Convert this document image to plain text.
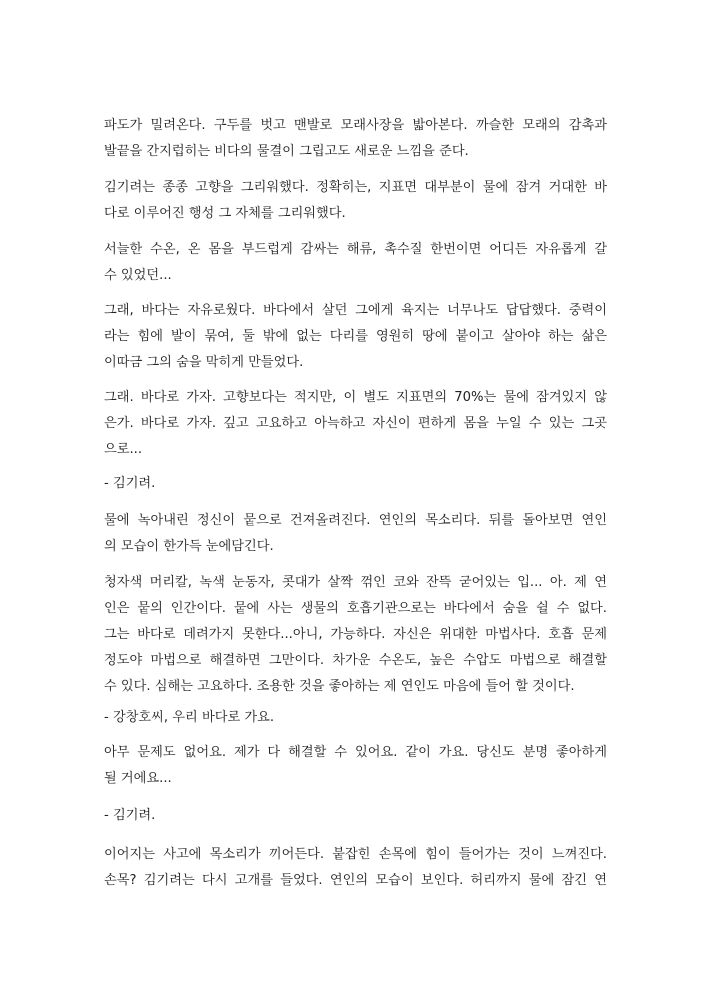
파도가 밀려온다. 구두를 벗고 맨발로 모래사장을 밟아본다. 까슬한 모래의 감촉과
발끝을 간지럽히는 비다의 물결이 그립고도 새로운 느낌을 준다.
김기려는 종종 고향을 그리워했다. 정확히는, 지표면 대부분이 물에 잠겨 거대한 바
다로 이루어진 행성 그 자체를 그리워했다.
서늘한 수온, 온 몸을 부드럽게 감싸는 해류, 촉수질 한번이면 어디든 자유롭게 갈
수 있었던...
그래, 바다는 자유로웠다. 바다에서 살던 그에게 육지는 너무나도 답답했다. 중력이
라는 힘에 발이 묶여, 둘 밖에 없는 다리를 영원히 땅에 붙이고 살아야 하는 삶은
이따금 그의 숨을 막히게 만들었다.
그래. 바다로 가자. 고향보다는 적지만, 이 별도 지표면의 70%는 물에 잠겨있지 않
은가. 바다로 가자. 깊고 고요하고 아늑하고 자신이 편하게 몸을 누일 수 있는 그곳
으로...
- 김기려.
물에 녹아내린 정신이 뭍으로 건져올려진다. 연인의 목소리다. 뒤를 돌아보면 연인
의 모습이 한가득 눈에담긴다.
청자색 머리칼, 녹색 눈동자, 콧대가 살짝 꺾인 코와 잔뜩 굳어있는 입... 아. 제 연
인은 뭍의 인간이다. 뭍에 사는 생물의 호흡기관으로는 바다에서 숨을 쉴 수 없다.
그는 바다로 데려가지 못한다...아니, 가능하다. 자신은 위대한 마법사다. 호흡 문제
정도야 마법으로 해결하면 그만이다. 차가운 수온도, 높은 수압도 마법으로 해결할
수 있다. 심해는 고요하다. 조용한 것을 좋아하는 제 연인도 마음에 들어 할 것이다.
- 강창호씨, 우리 바다로 가요.
아무 문제도 없어요. 제가 다 해결할 수 있어요. 같이 가요. 당신도 분명 좋아하게
될 거에요...
- 김기려.
이어지는 사고에 목소리가 끼어든다. 붙잡힌 손목에 힘이 들어가는 것이 느껴진다.
손목? 김기려는 다시 고개를 들었다. 연인의 모습이 보인다. 허리까지 물에 잠긴 연
